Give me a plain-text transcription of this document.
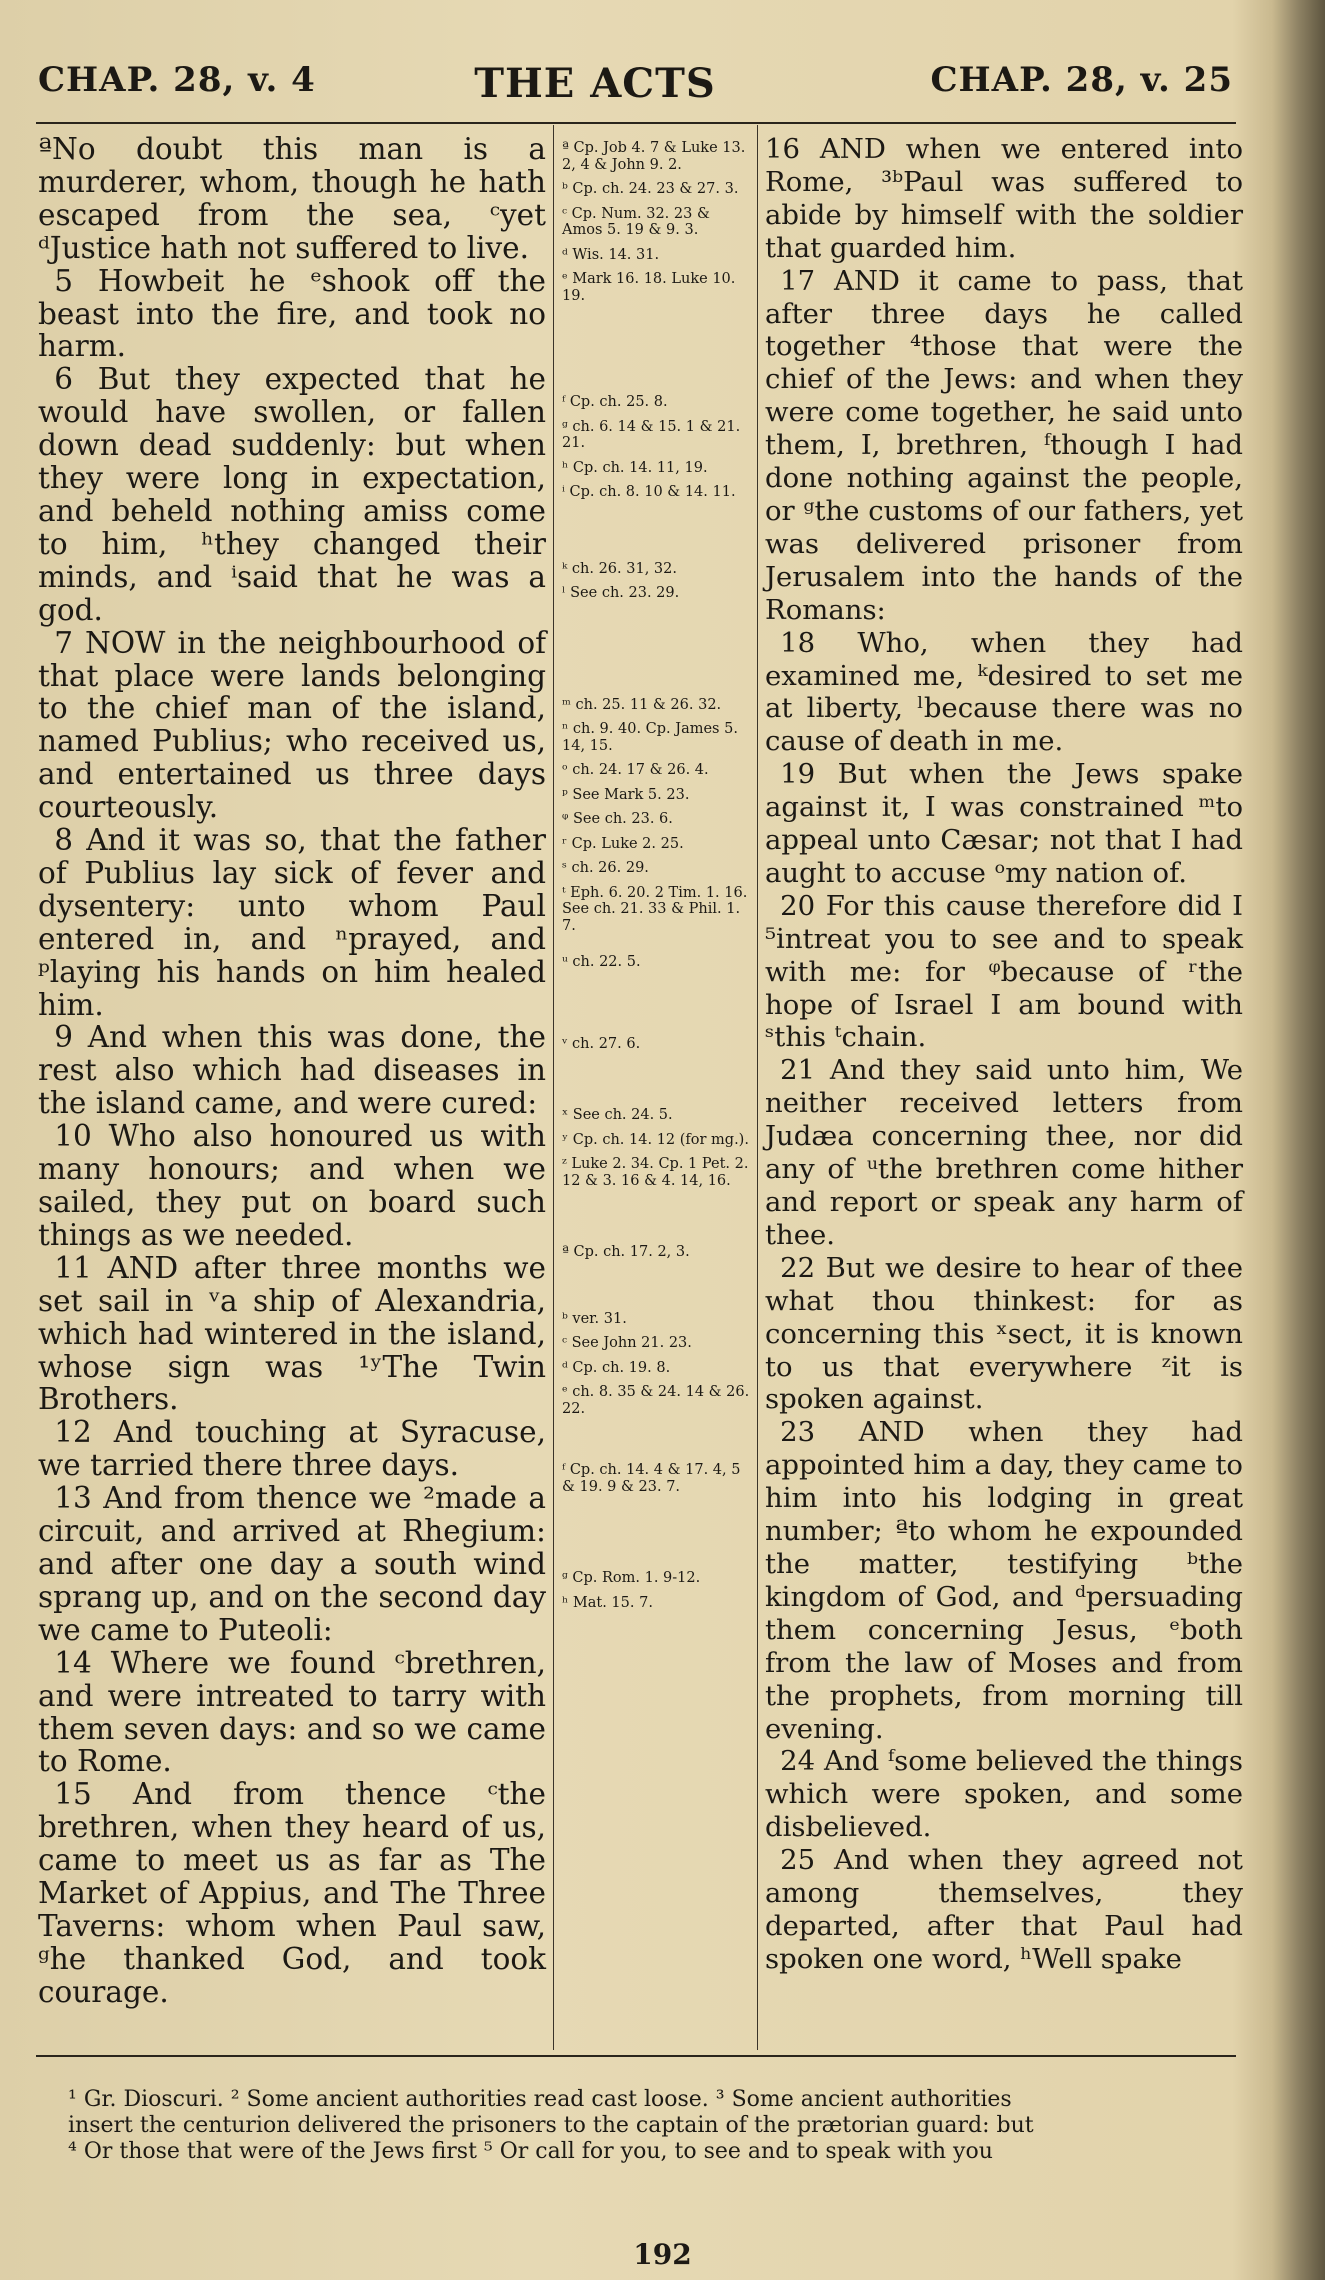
CHAP. 28, v. 4	THE ACTS	CHAP. 28, v. 25

ªNo doubt this man is a murderer, whom, though he hath escaped from the sea, ᶜyet ᵈJustice hath not suffered to live.

5 Howbeit he ᵉshook off the beast into the fire, and took no harm.

6 But they expected that he would have swollen, or fallen down dead suddenly: but when they were long in expectation, and beheld nothing amiss come to him, ʰthey changed their minds, and ⁱsaid that he was a god.

7 NOW in the neighbourhood of that place were lands belonging to the chief man of the island, named Publius; who received us, and entertained us three days courteously.

8 And it was so, that the father of Publius lay sick of fever and dysentery: unto whom Paul entered in, and ⁿprayed, and ᵖlaying his hands on him healed him.

9 And when this was done, the rest also which had diseases in the island came, and were cured:

10 Who also honoured us with many honours; and when we sailed, they put on board such things as we needed.

11 AND after three months we set sail in ᵛa ship of Alexandria, which had wintered in the island, whose sign was ¹ʸThe Twin Brothers.

12 And touching at Syracuse, we tarried there three days.

13 And from thence we ²made a circuit, and arrived at Rhegium: and after one day a south wind sprang up, and on the second day we came to Puteoli:

14 Where we found ᶜbrethren, and were intreated to tarry with them seven days: and so we came to Rome.

15 And from thence ᶜthe brethren, when they heard of us, came to meet us as far as The Market of Appius, and The Three Taverns: whom when Paul saw, ᵍhe thanked God, and took courage.

ª Cp. Job 4. 7 & Luke 13. 2, 4 & John 9. 2.
ᵇ Cp. ch. 24. 23 & 27. 3.
ᶜ Cp. Num. 32. 23 & Amos 5. 19 & 9. 3.
ᵈ Wis. 14. 31.
ᵉ Mark 16. 18. Luke 10. 19.
ᶠ Cp. ch. 25. 8.
ᵍ ch. 6. 14 & 15. 1 & 21. 21.
ʰ Cp. ch. 14. 11, 19.
ⁱ Cp. ch. 8. 10 & 14. 11.
ᵏ ch. 26. 31, 32.
ˡ See ch. 23. 29.
ᵐ ch. 25. 11 & 26. 32.
ⁿ ch. 9. 40. Cp. James 5. 14, 15.
ᵒ ch. 24. 17 & 26. 4.
ᵖ See Mark 5. 23.
ᵠ See ch. 23. 6.
ʳ Cp. Luke 2. 25.
ˢ ch. 26. 29.
ᵗ Eph. 6. 20. 2 Tim. 1. 16. See ch. 21. 33 & Phil. 1. 7.
ᵘ ch. 22. 5.
ᵛ ch. 27. 6.
ˣ See ch. 24. 5.
ʸ Cp. ch. 14. 12 (for mg.).
ᶻ Luke 2. 34. Cp. 1 Pet. 2. 12 & 3. 16 & 4. 14, 16.
ª Cp. ch. 17. 2, 3.
ᵇ ver. 31.
ᶜ See John 21. 23.
ᵈ Cp. ch. 19. 8.
ᵉ ch. 8. 35 & 24. 14 & 26. 22.
ᶠ Cp. ch. 14. 4 & 17. 4, 5 & 19. 9 & 23. 7.
ᵍ Cp. Rom. 1. 9-12.
ʰ Mat. 15. 7.

16 AND when we entered into Rome, ³ᵇPaul was suffered to abide by himself with the soldier that guarded him.

17 AND it came to pass, that after three days he called together ⁴those that were the chief of the Jews: and when they were come together, he said unto them, I, brethren, ᶠthough I had done nothing against the people, or ᵍthe customs of our fathers, yet was delivered prisoner from Jerusalem into the hands of the Romans:

18 Who, when they had examined me, ᵏdesired to set me at liberty, ˡbecause there was no cause of death in me.

19 But when the Jews spake against it, I was constrained ᵐto appeal unto Cæsar; not that I had aught to accuse ᵒmy nation of.

20 For this cause therefore did I ⁵intreat you to see and to speak with me: for ᵠbecause of ʳthe hope of Israel I am bound with ˢthis ᵗchain.

21 And they said unto him, We neither received letters from Judæa concerning thee, nor did any of ᵘthe brethren come hither and report or speak any harm of thee.

22 But we desire to hear of thee what thou thinkest: for as concerning this ˣsect, it is known to us that everywhere ᶻit is spoken against.

23 AND when they had appointed him a day, they came to him into his lodging in great number; ªto whom he expounded the matter, testifying ᵇthe kingdom of God, and ᵈpersuading them concerning Jesus, ᵉboth from the law of Moses and from the prophets, from morning till evening.

24 And ᶠsome believed the things which were spoken, and some disbelieved.

25 And when they agreed not among themselves, they departed, after that Paul had spoken one word, ʰWell spake

¹ Gr. Dioscuri. ² Some ancient authorities read cast loose. ³ Some ancient authorities

insert the centurion delivered the prisoners to the captain of the prætorian guard: but

⁴ Or those that were of the Jews first ⁵ Or call for you, to see and to speak with you

192
